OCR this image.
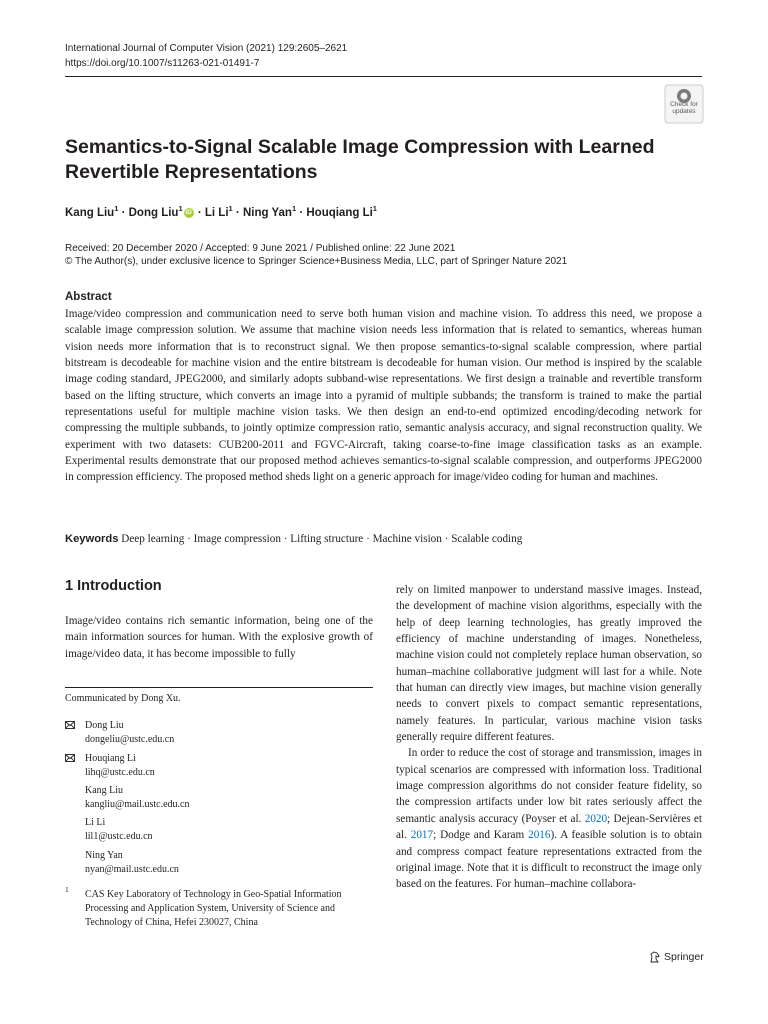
International Journal of Computer Vision (2021) 129:2605–2621
https://doi.org/10.1007/s11263-021-01491-7
Check for updates
Semantics-to-Signal Scalable Image Compression with Learned
Revertible Representations
Kang Liu$^1$ · Dong Liu$^1$ iD · Li $Li^1$ · Ning Yan$^1$ · Houqiang Li$^1$
Received: 20 December 2020 / Accepted: 9 June 2021 / Published online: 22 June 2021
© The Author(s), under exclusive licence to Springer Science+Business Media, LLC, part of Springer Nature 2021
Abstract
Image/video compression and communication need to serve both human vision and machine vision. To address this need, we propose a scalable image compression solution. We assume that machine vision needs less information that is related to semantics, whereas human vision needs more information that is to reconstruct signal. We then propose semantics-to-signal scalable compression, where partial bitstream is decodeable for machine vision and the entire bitstream is decodeable for human vision. Our method is inspired by the scalable image coding standard, JPEG2000, and similarly adopts subband-wise representations. We first design a trainable and revertible transform based on the lifting structure, which converts an image into a pyramid of multiple subbands; the transform is trained to make the partial representations useful for multiple machine vision tasks. We then design an end-to-end optimized encoding/decoding network for compressing the multiple subbands, to jointly optimize compression ratio, semantic analysis accuracy, and signal reconstruction quality. We experiment with two datasets: CUB200-2011 and FGVC-Aircraft, taking coarse-to-fine image classification tasks as an example. Experimental results demonstrate that our proposed method achieves semantics-to-signal scalable compression, and outperforms JPEG2000 in compression efficiency. The proposed method sheds light on a generic approach for image/video coding for human and machines.
Keywords Deep learning · Image compression · Lifting structure · Machine vision · Scalable coding
1 Introduction
Image/video contains rich semantic information, being one of the main information sources for human. With the explosive growth of image/video data, it has become impossible to fully
Communicated by Dong Xu.
Dong Liu
dongeliu@ustc.edu.cn
Houqiang Li
lihq@ustc.edu.cn
Kang Liu
kangliu@mail.ustc.edu.cn
Li Li
lil1@ustc.edu.cn
Ning Yan
nyan@mail.ustc.edu.cn
1 CAS Key Laboratory of Technology in Geo-Spatial Information Processing and Application System, University of Science and Technology of China, Hefei 230027, China

rely on limited manpower to understand massive images. Instead, the development of machine vision algorithms, especially with the help of deep learning technologies, has greatly improved the efficiency of machine understanding of images. Nonetheless, machine vision could not completely replace human observation, so human–machine collaborative judgment will last for a while. Note that human can directly view images, but machine vision generally needs to convert pixels to compact semantic representations, namely features. In particular, various machine vision tasks generally require different features.

In order to reduce the cost of storage and transmission, images in typical scenarios are compressed with information loss. Traditional image compression algorithms do not consider feature fidelity, so the compression artifacts under low bit rates seriously affect the semantic analysis accuracy (Poyser et al. 2020; Dejean-Servières et al. 2017; Dodge and Karam 2016). A feasible solution is to obtain and compress compact feature representations extracted from the original image. Note that it is difficult to reconstruct the image only based on the features. For human–machine collabora-

Springer
